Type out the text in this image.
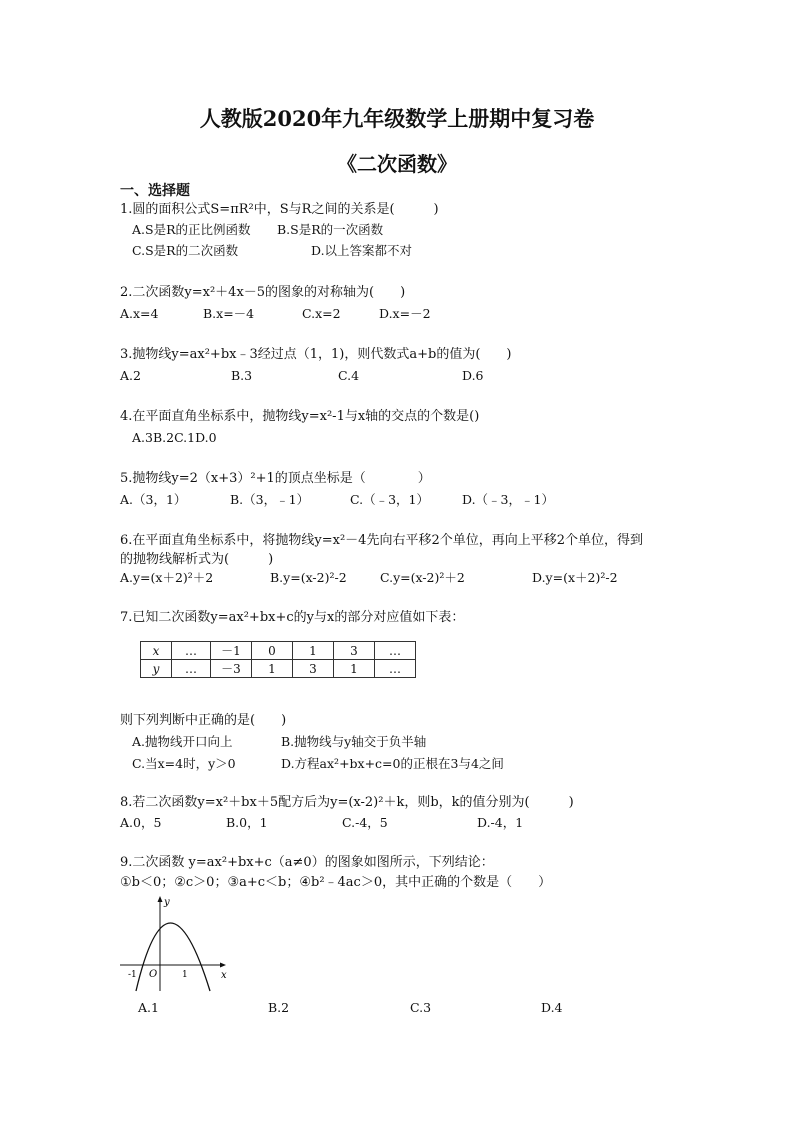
人教版2020年九年级数学上册期中复习卷
《二次函数》
一、选择题
1.圆的面积公式S=πR²中，S与R之间的关系是(　　　)
A.S是R的正比例函数 B.S是R的一次函数
C.S是R的二次函数	D.以上答案都不对
2.二次函数y=x²＋4x－5的图象的对称轴为(　　)
A.x=4	B.x=－4	C.x=2	D.x=－2
3.抛物线y=ax²+bx﹣3经过点（1，1)，则代数式a+b的值为(　　)
A.2	B.3	C.4	D.6
4.在平面直角坐标系中，抛物线y=x²-1与x轴的交点的个数是()
A.3B.2C.1D.0
5.抛物线y=2（x+3）²+1的顶点坐标是（　　　　）
A.（3，1）	B.（3，﹣1）	C.（﹣3，1）	D.（﹣3，﹣1）
6.在平面直角坐标系中，将抛物线y=x²－4先向右平移2个单位，再向上平移2个单位，得到
的抛物线解析式为(　　　)
A.y=(x＋2)²＋2	B.y=(x-2)²-2	C.y=(x-2)²＋2	D.y=(x＋2)²-2
7.已知二次函数y=ax²+bx+c的y与x的部分对应值如下表：
x	…	－1	0	1	3	…
y	…	－3	1	3	1	…
则下列判断中正确的是(　　)
A.抛物线开口向上	B.抛物线与y轴交于负半轴
C.当x=4时，y＞0	D.方程ax²+bx+c=0的正根在3与4之间
8.若二次函数y=x²＋bx＋5配方后为y=(x-2)²＋k，则b，k的值分别为(　　　)
A.0，5	B.0，1	C.-4，5	D.-4，1
9.二次函数 y=ax²+bx+c（a≠0）的图象如图所示，下列结论：
①b＜0；②c＞0；③a+c＜b；④b²﹣4ac＞0，其中正确的个数是（　　）
y
x
O
-1	1
A.1	B.2	C.3	D.4
